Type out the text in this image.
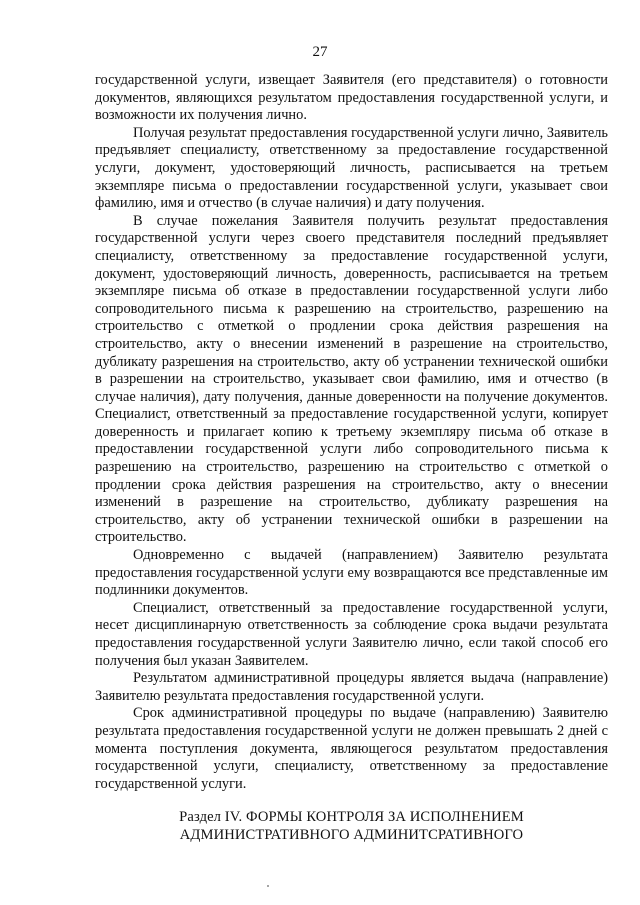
27

государственной услуги, извещает Заявителя (его представителя) о готовности документов, являющихся результатом предоставления государственной услуги, и возможности их получения лично.

Получая результат предоставления государственной услуги лично, Заявитель предъявляет специалисту, ответственному за предоставление государственной услуги, документ, удостоверяющий личность, расписывается на третьем экземпляре письма о предоставлении государственной услуги, указывает свои фамилию, имя и отчество (в случае наличия) и дату получения.

В случае пожелания Заявителя получить результат предоставления государственной услуги через своего представителя последний предъявляет специалисту, ответственному за предоставление государственной услуги, документ, удостоверяющий личность, доверенность, расписывается на третьем экземпляре письма об отказе в предоставлении государственной услуги либо сопроводительного письма к разрешению на строительство, разрешению на строительство с отметкой о продлении срока действия разрешения на строительство, акту о внесении изменений в разрешение на строительство, дубликату разрешения на строительство, акту об устранении технической ошибки в разрешении на строительство, указывает свои фамилию, имя и отчество (в случае наличия), дату получения, данные доверенности на получение документов. Специалист, ответственный за предоставление государственной услуги, копирует доверенность и прилагает копию к третьему экземпляру письма об отказе в предоставлении государственной услуги либо сопроводительного письма к разрешению на строительство, разрешению на строительство с отметкой о продлении срока действия разрешения на строительство, акту о внесении изменений в разрешение на строительство, дубликату разрешения на строительство, акту об устранении технической ошибки в разрешении на строительство.

Одновременно с выдачей (направлением) Заявителю результата предоставления государственной услуги ему возвращаются все представленные им подлинники документов.

Специалист, ответственный за предоставление государственной услуги, несет дисциплинарную ответственность за соблюдение срока выдачи результата предоставления государственной услуги Заявителю лично, если такой способ его получения был указан Заявителем.

Результатом административной процедуры является выдача (направление) Заявителю результата предоставления государственной услуги.

Срок административной процедуры по выдаче (направлению) Заявителю результата предоставления государственной услуги не должен превышать 2 дней с момента поступления документа, являющегося результатом предоставления государственной услуги, специалисту, ответственному за предоставление государственной услуги.

Раздел IV. ФОРМЫ КОНТРОЛЯ ЗА ИСПОЛНЕНИЕМ
АДМИНИСТРАТИВНОГО АДМИНИТСРАТИВНОГО
